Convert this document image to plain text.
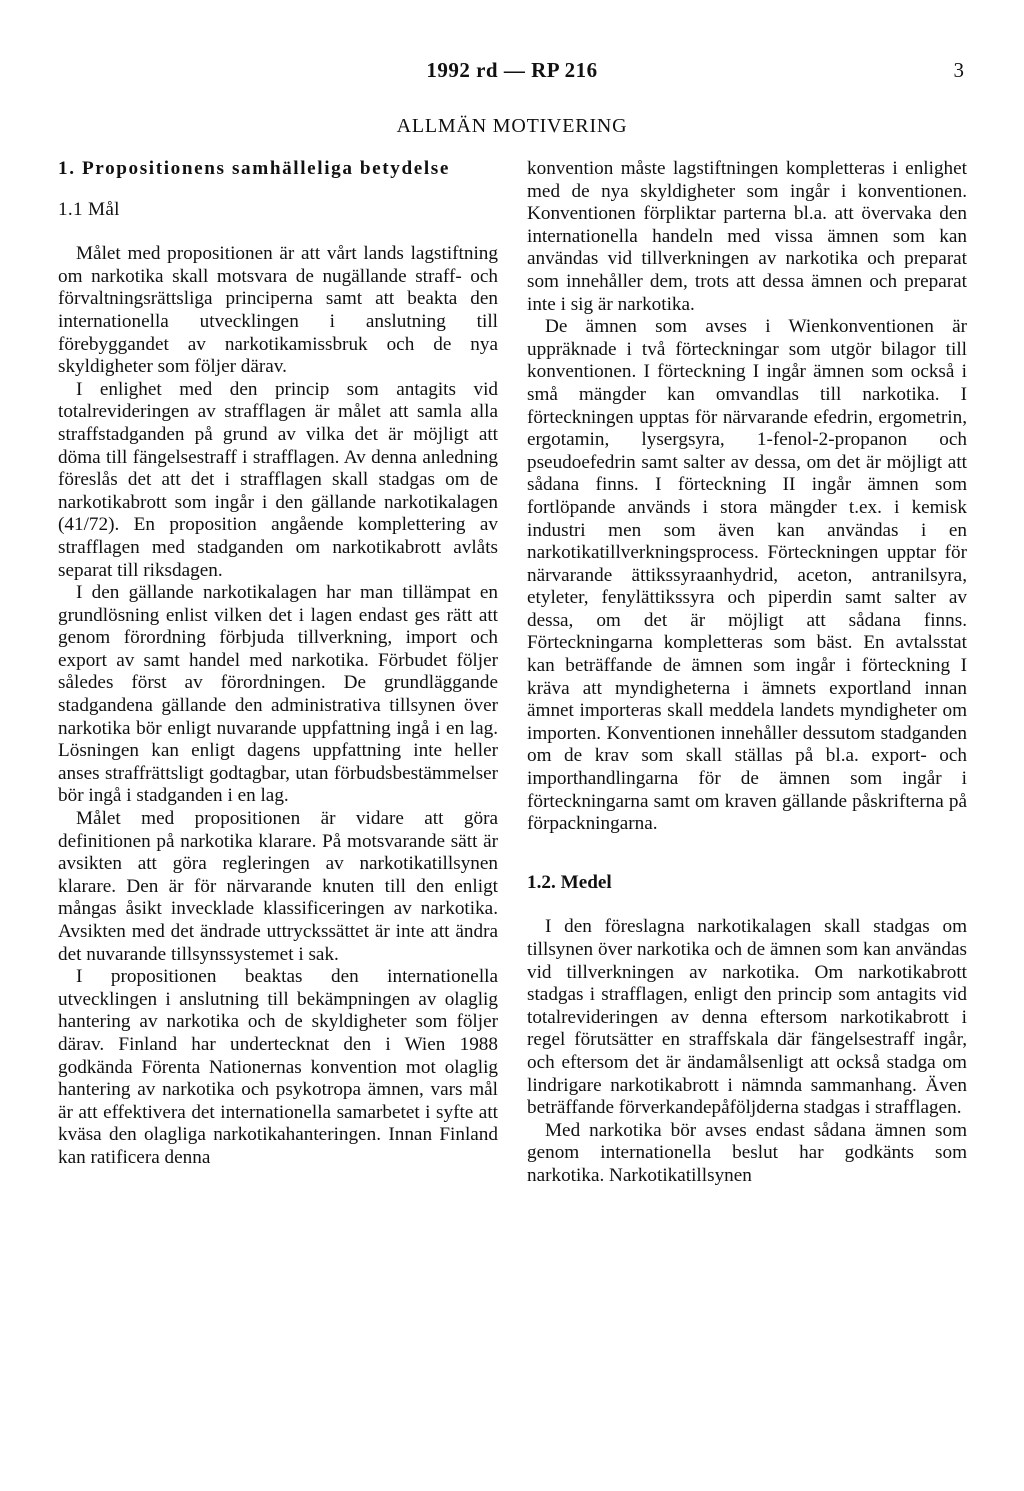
1992 rd — RP 216	3
ALLMÄN MOTIVERING
1. Propositionens samhälleliga betydelse
1.1 Mål

Målet med propositionen är att vårt lands lagstiftning om narkotika skall motsvara de nugällande straff- och förvaltningsrättsliga principerna samt att beakta den internationella utvecklingen i anslutning till förebyggandet av narkotikamissbruk och de nya skyldigheter som följer därav.

I enlighet med den princip som antagits vid totalrevideringen av strafflagen är målet att samla alla straffstadganden på grund av vilka det är möjligt att döma till fängelsestraff i strafflagen. Av denna anledning föreslås det att det i strafflagen skall stadgas om de narkotikabrott som ingår i den gällande narkotikalagen (41/72). En proposition angående komplettering av strafflagen med stadganden om narkotikabrott avlåts separat till riksdagen.

I den gällande narkotikalagen har man tillämpat en grundlösning enlist vilken det i lagen endast ges rätt att genom förordning förbjuda tillverkning, import och export av samt handel med narkotika. Förbudet följer således först av förordningen. De grundläggande stadgandena gällande den administrativa tillsynen över narkotika bör enligt nuvarande uppfattning ingå i en lag. Lösningen kan enligt dagens uppfattning inte heller anses straffrättsligt godtagbar, utan förbudsbestämmelser bör ingå i stadganden i en lag.

Målet med propositionen är vidare att göra definitionen på narkotika klarare. På motsvarande sätt är avsikten att göra regleringen av narkotikatillsynen klarare. Den är för närvarande knuten till den enligt mångas åsikt invecklade klassificeringen av narkotika. Avsikten med det ändrade uttryckssättet är inte att ändra det nuvarande tillsynssystemet i sak.

I propositionen beaktas den internationella utvecklingen i anslutning till bekämpningen av olaglig hantering av narkotika och de skyldigheter som följer därav. Finland har undertecknat den i Wien 1988 godkända Förenta Nationernas konvention mot olaglig hantering av narkotika och psykotropa ämnen, vars mål är att effektivera det internationella samarbetet i syfte att kväsa den olagliga narkotikahanteringen. Innan Finland kan ratificera denna

konvention måste lagstiftningen kompletteras i enlighet med de nya skyldigheter som ingår i konventionen. Konventionen förpliktar parterna bl.a. att övervaka den internationella handeln med vissa ämnen som kan användas vid tillverkningen av narkotika och preparat som innehåller dem, trots att dessa ämnen och preparat inte i sig är narkotika.

De ämnen som avses i Wienkonventionen är uppräknade i två förteckningar som utgör bilagor till konventionen. I förteckning I ingår ämnen som också i små mängder kan omvandlas till narkotika. I förteckningen upptas för närvarande efedrin, ergometrin, ergotamin, lysergsyra, 1-fenol-2-propanon och pseudoefedrin samt salter av dessa, om det är möjligt att sådana finns. I förteckning II ingår ämnen som fortlöpande används i stora mängder t.ex. i kemisk industri men som även kan användas i en narkotikatillverkningsprocess. Förteckningen upptar för närvarande ättikssyraanhydrid, aceton, antranilsyra, etyleter, fenylättikssyra och piperdin samt salter av dessa, om det är möjligt att sådana finns. Förteckningarna kompletteras som bäst. En avtalsstat kan beträffande de ämnen som ingår i förteckning I kräva att myndigheterna i ämnets exportland innan ämnet importeras skall meddela landets myndigheter om importen. Konventionen innehåller dessutom stadganden om de krav som skall ställas på bl.a. export- och importhandlingarna för de ämnen som ingår i förteckningarna samt om kraven gällande påskrifterna på förpackningarna.

1.2. Medel

I den föreslagna narkotikalagen skall stadgas om tillsynen över narkotika och de ämnen som kan användas vid tillverkningen av narkotika. Om narkotikabrott stadgas i strafflagen, enligt den princip som antagits vid totalrevideringen av denna eftersom narkotikabrott i regel förutsätter en straffskala där fängelsestraff ingår, och eftersom det är ändamålsenligt att också stadga om lindrigare narkotikabrott i nämnda sammanhang. Även beträffande förverkandepåföljderna stadgas i strafflagen.

Med narkotika bör avses endast sådana ämnen som genom internationella beslut har godkänts som narkotika. Narkotikatillsynen
